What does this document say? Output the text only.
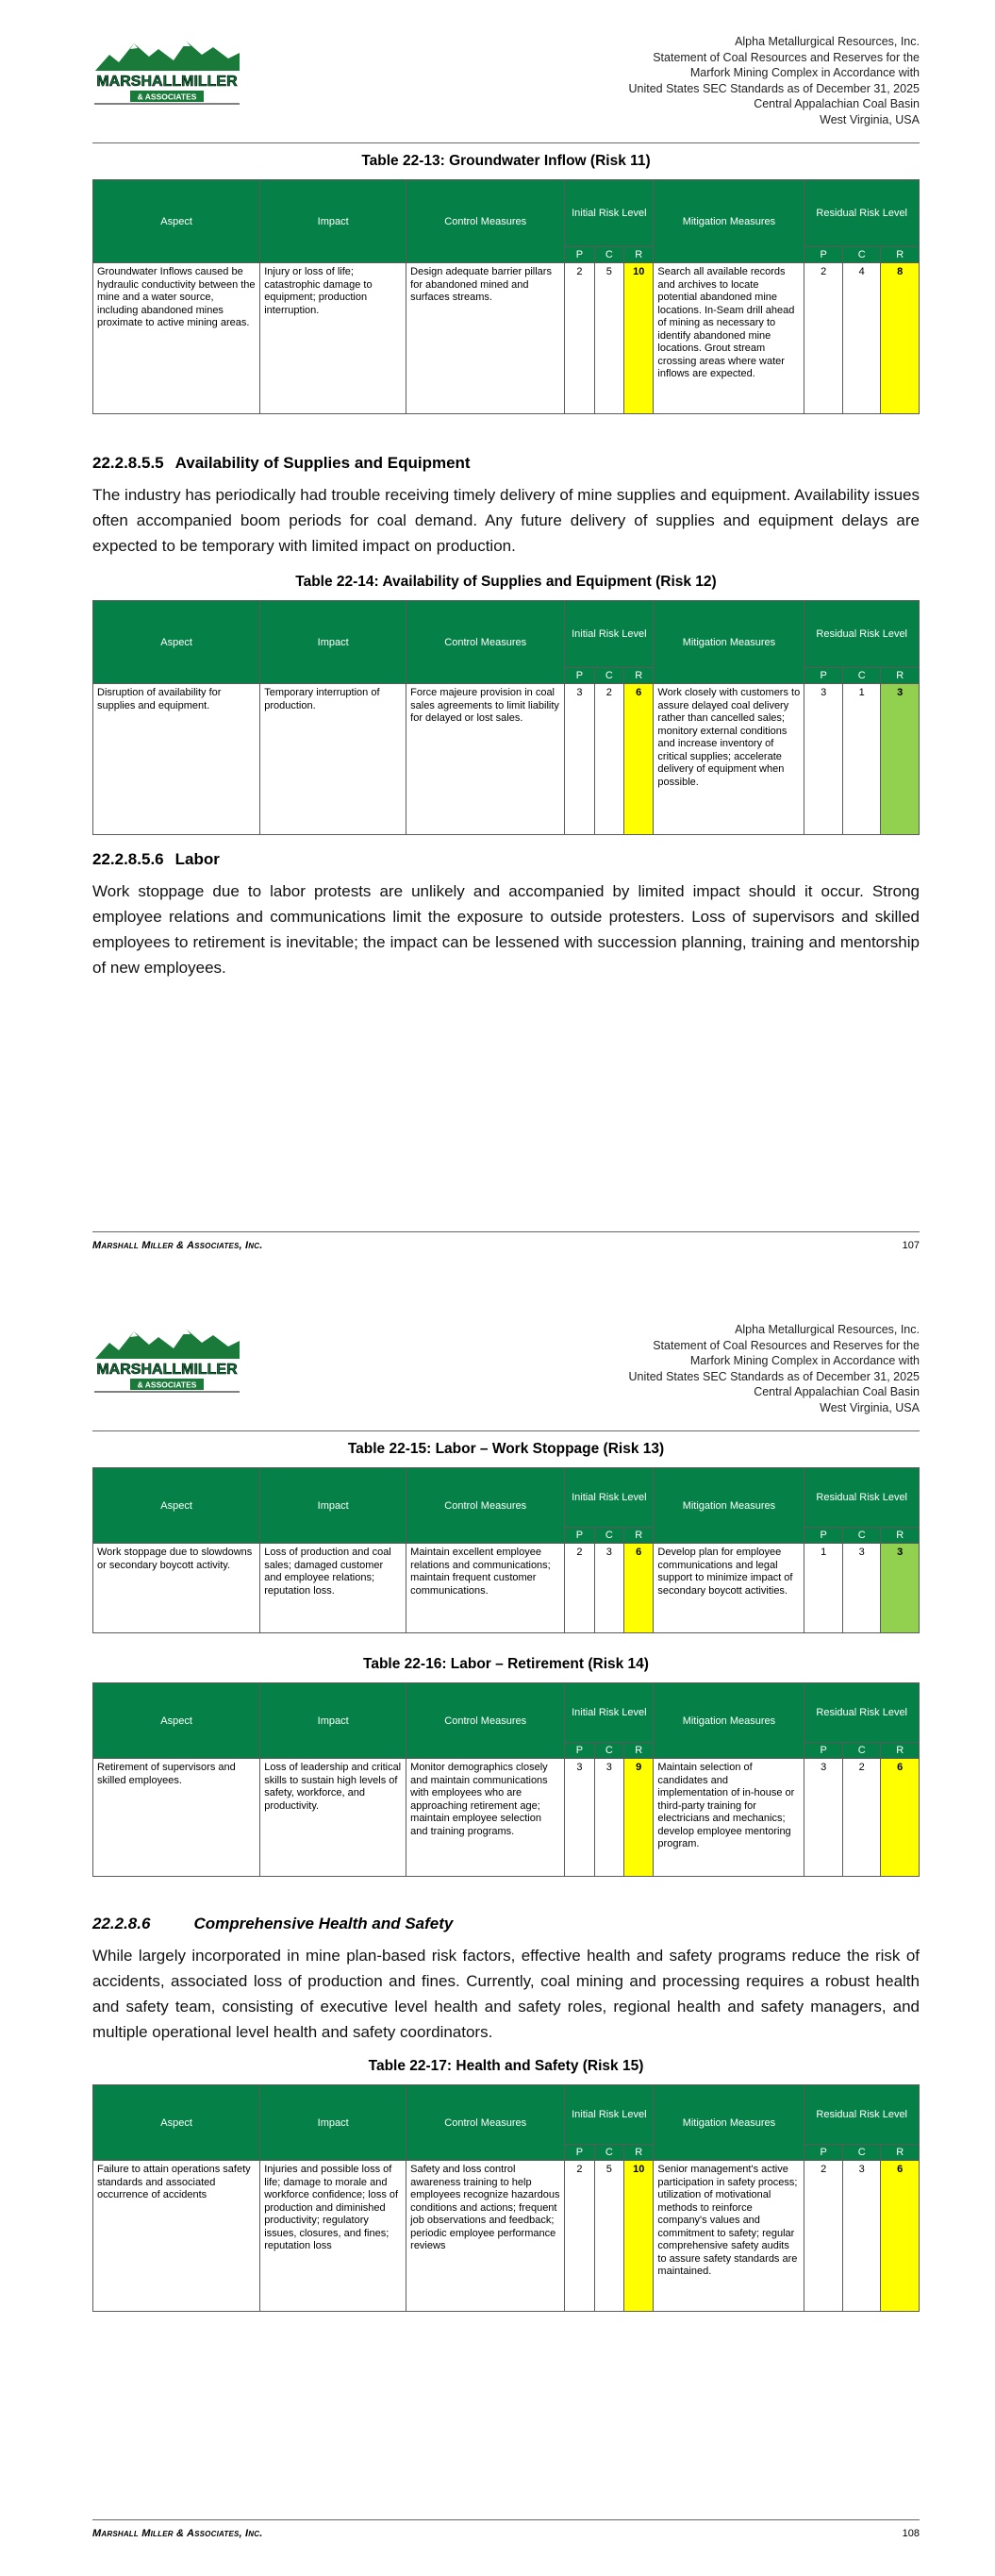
MARSHALLMILLER
& ASSOCIATES
Alpha Metallurgical Resources, Inc.
Statement of Coal Resources and Reserves for the
Marfork Mining Complex in Accordance with
United States SEC Standards as of December 31, 2025
Central Appalachian Coal Basin
West Virginia, USA
Table 22-13: Groundwater Inflow (Risk 11)
Aspect	Impact	Control Measures	Initial Risk Level			Mitigation Measures	Residual Risk Level		
			P	C	R		P	C	R
Groundwater Inflows caused be hydraulic conductivity between the mine and a water source, including abandoned mines proximate to active mining areas.	Injury or loss of life; catastrophic damage to equipment; production interruption.	Design adequate barrier pillars for abandoned mined and surfaces streams.	2	5	10	Search all available records and archives to locate potential abandoned mine locations. In-Seam drill ahead of mining as necessary to identify abandoned mine locations. Grout stream crossing areas where water inflows are expected.	2	4	8
22.2.8.5.5 Availability of Supplies and Equipment

The industry has periodically had trouble receiving timely delivery of mine supplies and equipment. Availability issues often accompanied boom periods for coal demand. Any future delivery of supplies and equipment delays are expected to be temporary with limited impact on production.

Table 22-14: Availability of Supplies and Equipment (Risk 12)
Aspect	Impact	Control Measures	Initial Risk Level			Mitigation Measures	Residual Risk Level		
			P	C	R		P	C	R
Disruption of availability for supplies and equipment.	Temporary interruption of production.	Force majeure provision in coal sales agreements to limit liability for delayed or lost sales.	3	2	6	Work closely with customers to assure delayed coal delivery rather than cancelled sales; monitory external conditions and increase inventory of critical supplies; accelerate delivery of equipment when possible.	3	1	3
22.2.8.5.6 Labor

Work stoppage due to labor protests are unlikely and accompanied by limited impact should it occur. Strong employee relations and communications limit the exposure to outside protesters. Loss of supervisors and skilled employees to retirement is inevitable; the impact can be lessened with succession planning, training and mentorship of new employees.

Marshall Miller & Associates, Inc.	107
MARSHALLMILLER
& ASSOCIATES
Alpha Metallurgical Resources, Inc.
Statement of Coal Resources and Reserves for the
Marfork Mining Complex in Accordance with
United States SEC Standards as of December 31, 2025
Central Appalachian Coal Basin
West Virginia, USA
Table 22-15: Labor – Work Stoppage (Risk 13)
Aspect	Impact	Control Measures	Initial Risk Level			Mitigation Measures	Residual Risk Level		
			P	C	R		P	C	R
Work stoppage due to slowdowns or secondary boycott activity.	Loss of production and coal sales; damaged customer and employee relations; reputation loss.	Maintain excellent employee relations and communications; maintain frequent customer communications.	2	3	6	Develop plan for employee communications and legal support to minimize impact of secondary boycott activities.	1	3	3
Table 22-16: Labor – Retirement (Risk 14)
Aspect	Impact	Control Measures	Initial Risk Level			Mitigation Measures	Residual Risk Level		
			P	C	R		P	C	R
Retirement of supervisors and skilled employees.	Loss of leadership and critical skills to sustain high levels of safety, workforce, and productivity.	Monitor demographics closely and maintain communications with employees who are approaching retirement age; maintain employee selection and training programs.	3	3	9	Maintain selection of candidates and implementation of in-house or third-party training for electricians and mechanics; develop employee mentoring program.	3	2	6
22.2.8.6	Comprehensive Health and Safety

While largely incorporated in mine plan-based risk factors, effective health and safety programs reduce the risk of accidents, associated loss of production and fines. Currently, coal mining and processing requires a robust health and safety team, consisting of executive level health and safety roles, regional health and safety managers, and multiple operational level health and safety coordinators.

Table 22-17: Health and Safety (Risk 15)
Aspect	Impact	Control Measures	Initial Risk Level			Mitigation Measures	Residual Risk Level		
			P	C	R		P	C	R
Failure to attain operations safety standards and associated occurrence of accidents	Injuries and possible loss of life; damage to morale and workforce confidence; loss of production and diminished productivity; regulatory issues, closures, and fines; reputation loss	Safety and loss control awareness training to help employees recognize hazardous conditions and actions; frequent job observations and feedback; periodic employee performance reviews	2	5	10	Senior management's active participation in safety process; utilization of motivational methods to reinforce company's values and commitment to safety; regular comprehensive safety audits to assure safety standards are maintained.	2	3	6
Marshall Miller & Associates, Inc.	108
